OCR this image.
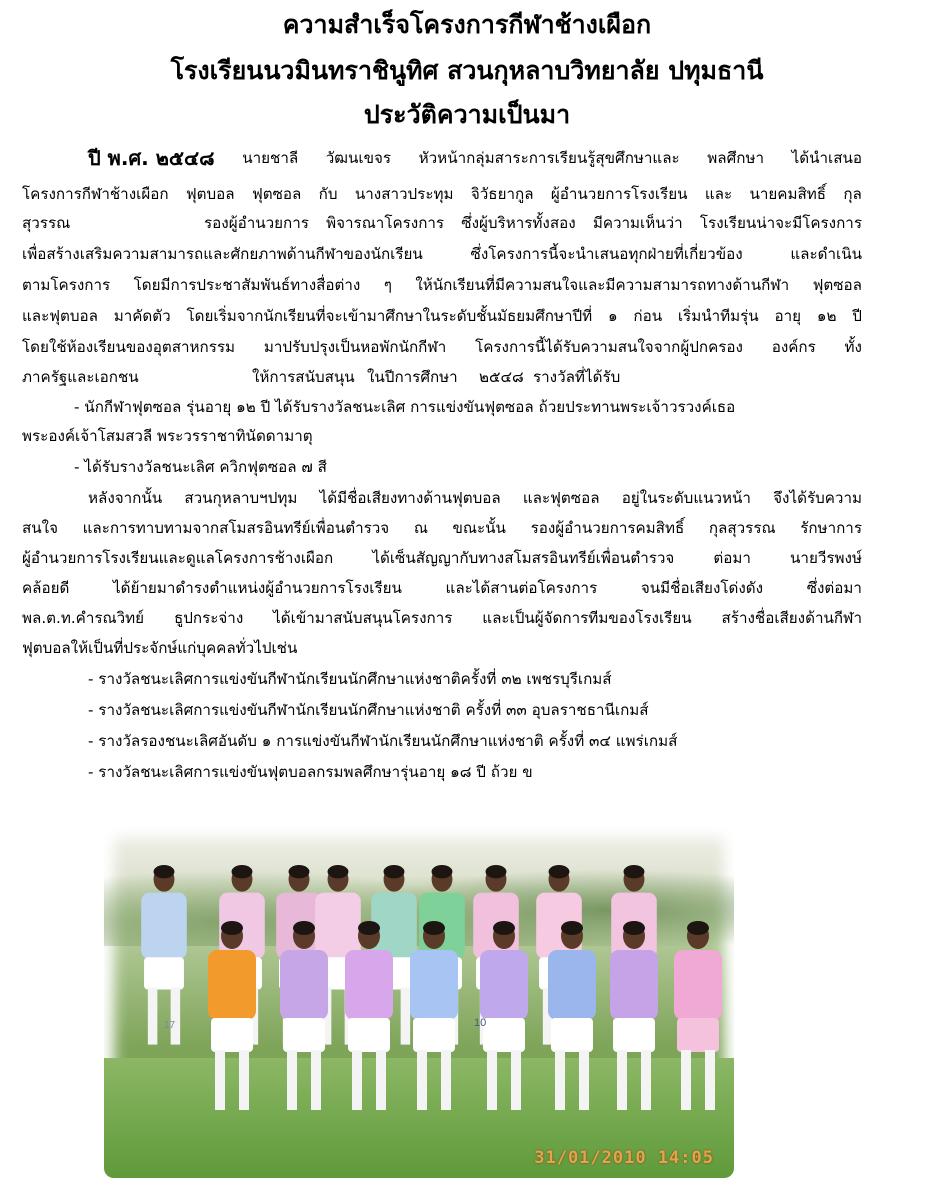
ความสำเร็จโครงการกีฬาช้างเผือก
โรงเรียนนวมินทราชินูทิศ สวนกุหลาบวิทยาลัย ปทุมธานี
ประวัติความเป็นมา
ปี พ.ศ. ๒๕๔๘ นายชาลี วัฒนเขจร หัวหน้ากลุ่มสาระการเรียนรู้สุขศึกษาและ พลศึกษา ได้นำเสนอ
โครงการกีฬาช้างเผือก ฟุตบอล ฟุตซอล กับ นางสาวประทุม จิวัธยากูล ผู้อำนวยการโรงเรียน และ นายคมสิทธิ์ กุล
สุวรรณ	รองผู้อำนวยการ พิจารณาโครงการ ซึ่งผู้บริหารทั้งสอง มีความเห็นว่า โรงเรียนน่าจะมีโครงการ
เพื่อสร้างเสริมความสามารถและศักยภาพด้านกีฬาของนักเรียน	ซึ่งโครงการนี้จะนำเสนอทุกฝ่ายที่เกี่ยวข้อง	และดำเนิน
ตามโครงการ โดยมีการประชาสัมพันธ์ทางสื่อต่าง ๆ ให้นักเรียนที่มีความสนใจและมีความสามารถทางด้านกีฬา ฟุตซอล
และฟุตบอล มาคัดตัว โดยเริ่มจากนักเรียนที่จะเข้ามาศึกษาในระดับชั้นมัธยมศึกษาปีที่ ๑ ก่อน เริ่มนำทีมรุ่น อายุ ๑๒ ปี
โดยใช้ห้องเรียนของอุตสาหกรรม มาปรับปรุงเป็นหอพักนักกีฬา โครงการนี้ได้รับความสนใจจากผู้ปกครอง องค์กร ทั้ง
ภาครัฐและเอกชน	ให้การสนับสนุน ในปีการศึกษา ๒๕๔๘ รางวัลที่ได้รับ
- นักกีฬาฟุตซอล รุ่นอายุ ๑๒ ปี ได้รับรางวัลชนะเลิศ การแข่งขันฟุตซอล ถ้วยประทานพระเจ้าวรวงค์เธอ
พระองค์เจ้าโสมสวลี พระวรราชาทินัดดามาตุ
- ได้รับรางวัลชนะเลิศ ควิกฟุตซอล ๗ สี
หลังจากนั้น สวนกุหลาบฯปทุม ได้มีชื่อเสียงทางด้านฟุตบอล และฟุตซอล อยู่ในระดับแนวหน้า จึงได้รับความ
สนใจ และการทาบทามจากสโมสรอินทรีย์เพื่อนตำรวจ ณ ขณะนั้น รองผู้อำนวยการคมสิทธิ์ กุลสุวรรณ รักษาการ
ผู้อำนวยการโรงเรียนและดูแลโครงการช้างเผือก	ได้เซ็นสัญญากับทางสโมสรอินทรีย์เพื่อนตำรวจ	ต่อมา	นายวีรพงษ์
คล้อยดี	ได้ย้ายมาดำรงตำแหน่งผู้อำนวยการโรงเรียน	และได้สานต่อโครงการ	จนมีชื่อเสียงโด่งดัง	ซึ่งต่อมา
พล.ต.ท.คำรณวิทย์ ธูปกระจ่าง ได้เข้ามาสนับสนุนโครงการ และเป็นผู้จัดการทีมของโรงเรียน สร้างชื่อเสียงด้านกีฬา
ฟุตบอลให้เป็นที่ประจักษ์แก่บุคคลทั่วไปเช่น
- รางวัลชนะเลิศการแข่งขันกีฬานักเรียนนักศึกษาแห่งชาติครั้งที่ ๓๒ เพชรบุรีเกมส์
- รางวัลชนะเลิศการแข่งขันกีฬานักเรียนนักศึกษาแห่งชาติ ครั้งที่ ๓๓ อุบลราชธานีเกมส์
- รางวัลรองชนะเลิศอันดับ ๑ การแข่งขันกีฬานักเรียนนักศึกษาแห่งชาติ ครั้งที่ ๓๔ แพร่เกมส์
- รางวัลชนะเลิศการแข่งขันฟุตบอลกรมพลศึกษารุ่นอายุ ๑๘ ปี ถ้วย ข
17	10
31/01/2010 14:05
